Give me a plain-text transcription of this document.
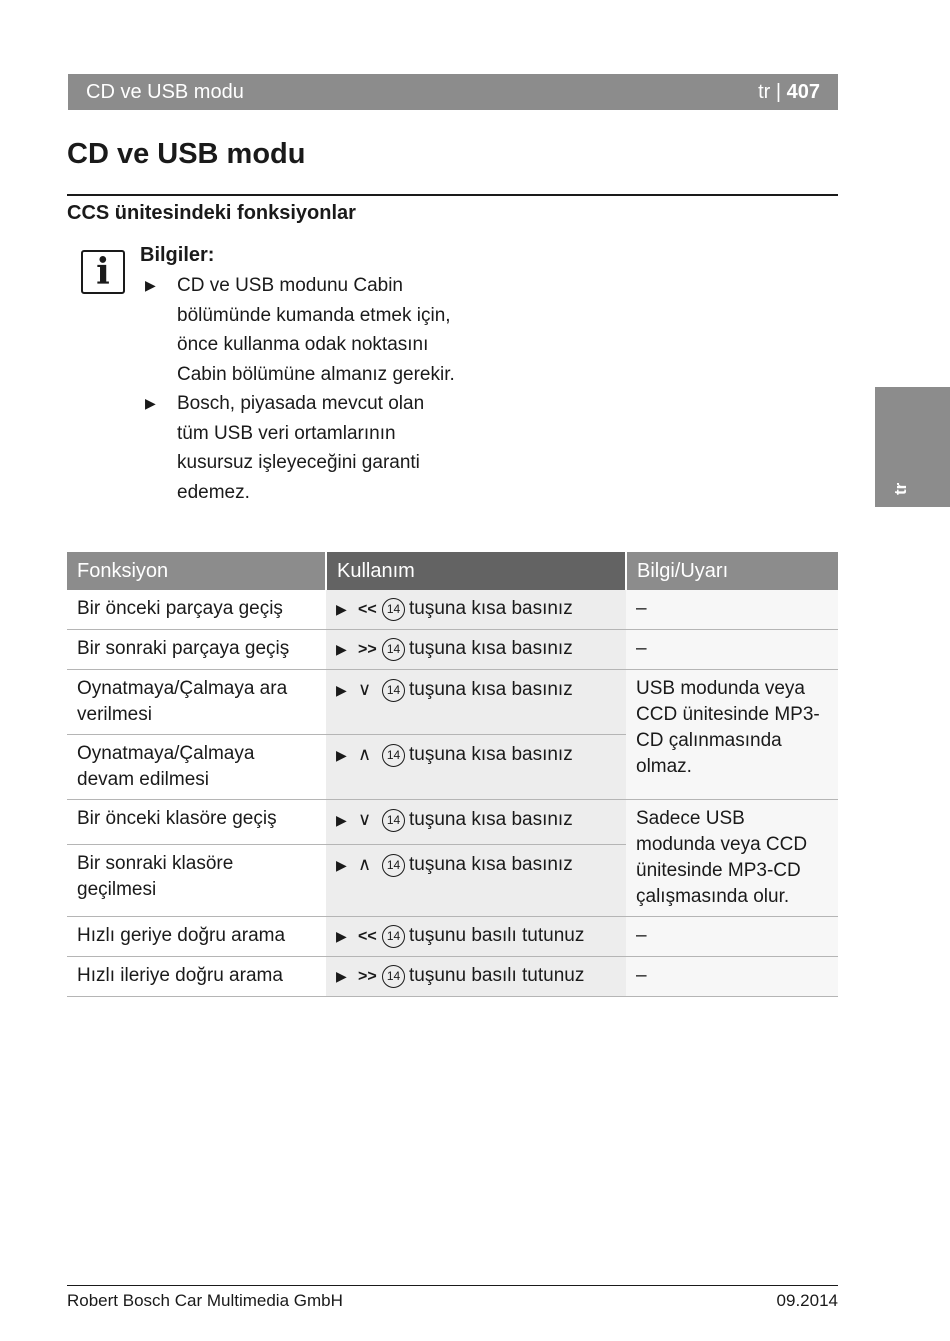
CD ve USB modu	tr | 407
CD ve USB modu
CCS ünitesindeki fonksiyonlar
i	Bilgiler:

▶ CD ve USB modunu Cabin
bölümünde kumanda etmek için,
önce kullanma odak noktasını
Cabin bölümüne almanız gerekir.
▶ Bosch, piyasada mevcut olan
tüm USB veri ortamlarının
kusursuz işleyeceğini garanti
edemez.	tr
Fonksiyon	Kullanım	Bilgi/Uyarı
Bir önceki parçaya geçiş	▶ << 14 tuşuna kısa basınız	–
Bir sonraki parçaya geçiş	▶ >> 14 tuşuna kısa basınız	–
Oynatmaya/Çalmaya ara verilmesi	▶ ∨ 14 tuşuna kısa basınız	USB modunda veya CCD ünitesinde MP3-CD çalınmasında olmaz.
Oynatmaya/Çalmaya devam edilmesi	▶ ∧ 14 tuşuna kısa basınız	
Bir önceki klasöre geçiş	▶ ∨ 14 tuşuna kısa basınız	Sadece USB modunda veya CCD ünitesinde MP3-CD çalışmasında olur.
Bir sonraki klasöre geçilmesi	▶ ∧ 14 tuşuna kısa basınız	
Hızlı geriye doğru arama	▶ << 14 tuşunu basılı tutunuz	–
Hızlı ileriye doğru arama	▶ >> 14 tuşunu basılı tutunuz	–
Robert Bosch Car Multimedia GmbH	09.2014
